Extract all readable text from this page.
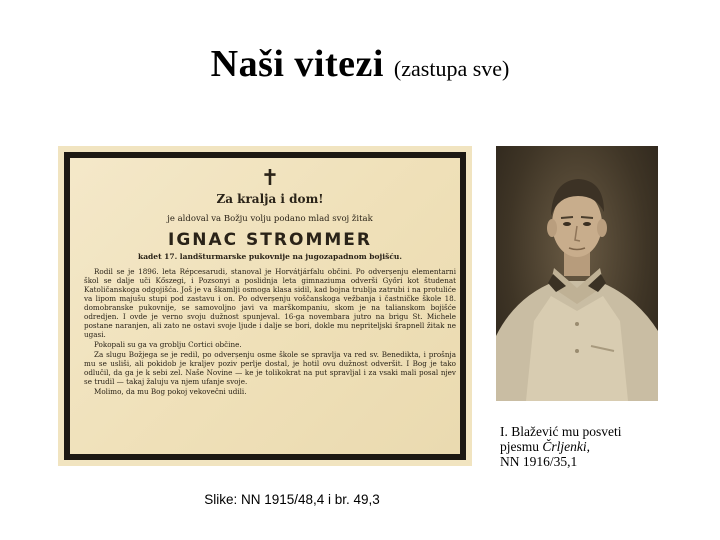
Naši vitezi (zastupa sve)
✝
Za kralja i dom!
je aldoval va Božju volju podano mlad svoj žitak
IGNAC STROMMER
kadet 17. landšturmarske pukovnije na jugozapadnom bojišću.

Rodil se je 1896. leta Répcesarudi, stanoval je Horvátjárfalu občini. Po odverșenju elementarni škol se dalje uči Kőszegi, i Pozsonyi a poslidnja leta gimnaziuma odverši Győri kot študenat Katoličanskoga odgojišća. Još je va škamlji osmoga klasa sidil, kad bojna trublja zatrubi i na protuliće va lipom majušu stupi pod zastavu i on. Po odverșenju voščanskoga vežbanja i častničke škole 18. domobranske pukovnije, se samovoljno javi va marškompaniu, skom je na talianskom bojišće odredjen. I ovde je verno svoju dužnost spunjeval. 16-ga novembara jutro na brigu St. Michele postane naranjen, ali zato ne ostavi svoje ljude i dalje se bori, dokle mu nepriteljski šrapnell žitak ne ugasi.

Pokopali su ga va groblju Cortici občine.

Za slugu Božjega se je redil, po odverșenju osme škole se spravlja va red sv. Benedikta, i prošnja mu se usliši, ali pokidob je kraljev poziv perlje dostal, je hotil ovu dužnost odveršit. I Bog je tako odlučil, da ga je k sebi zel. Naše Novine — ke je tolikokrat na put spravljal i za vsaki mali posal njev se trudil — takaj žaluju va njem ufanje svoje.

Molimo, da mu Bog pokoj vekovečni udili.

I. Blažević mu posveti
pjesmu Črljenki,
NN 1916/35,1
Slike: NN 1915/48,4 i br. 49,3
